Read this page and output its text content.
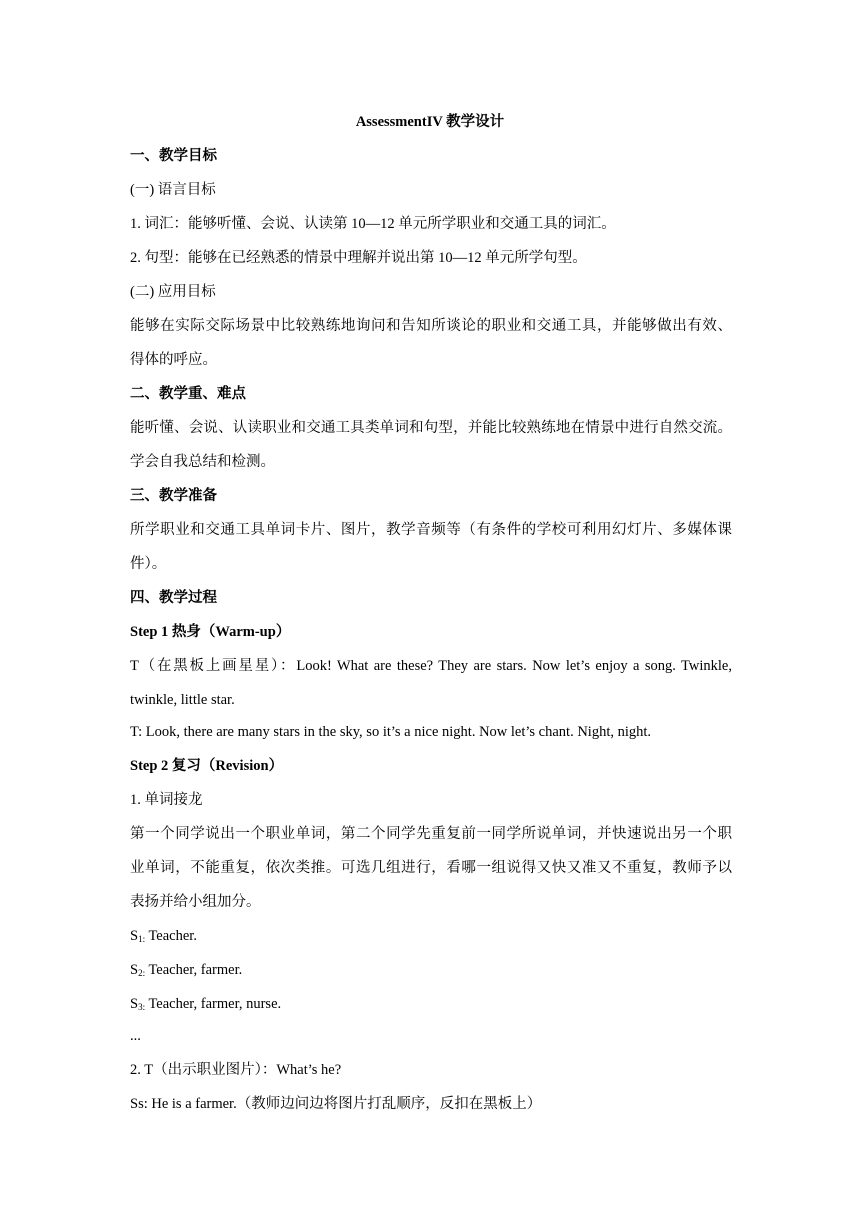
AssessmentIV 教学设计
一、教学目标
(一) 语言目标
1. 词汇：能够听懂、会说、认读第 10—12 单元所学职业和交通工具的词汇。
2. 句型：能够在已经熟悉的情景中理解并说出第 10—12 单元所学句型。
(二) 应用目标
能够在实际交际场景中比较熟练地询问和告知所谈论的职业和交通工具，并能够做出有效、
得体的呼应。
二、教学重、难点
能听懂、会说、认读职业和交通工具类单词和句型，并能比较熟练地在情景中进行自然交流。
学会自我总结和检测。
三、教学准备
所学职业和交通工具单词卡片、图片，教学音频等（有条件的学校可利用幻灯片、多媒体课
件）。
四、教学过程
Step 1 热身（Warm-up）
T（在黑板上画星星）：Look! What are these? They are stars. Now let’s enjoy a song. Twinkle,
twinkle, little star.
T: Look, there are many stars in the sky, so it’s a nice night. Now let’s chant. Night, night.
Step 2 复习（Revision）
1. 单词接龙
第一个同学说出一个职业单词，第二个同学先重复前一同学所说单词，并快速说出另一个职
业单词，不能重复，依次类推。可选几组进行，看哪一组说得又快又准又不重复，教师予以
表扬并给小组加分。
$S_{1:}$ Teacher.
$S_{2:}$ Teacher, farmer.
$S_{3:}$ Teacher, farmer, nurse.
...
2. T（出示职业图片）：What’s he?
Ss: He is a farmer.（教师边问边将图片打乱顺序，反扣在黑板上）
